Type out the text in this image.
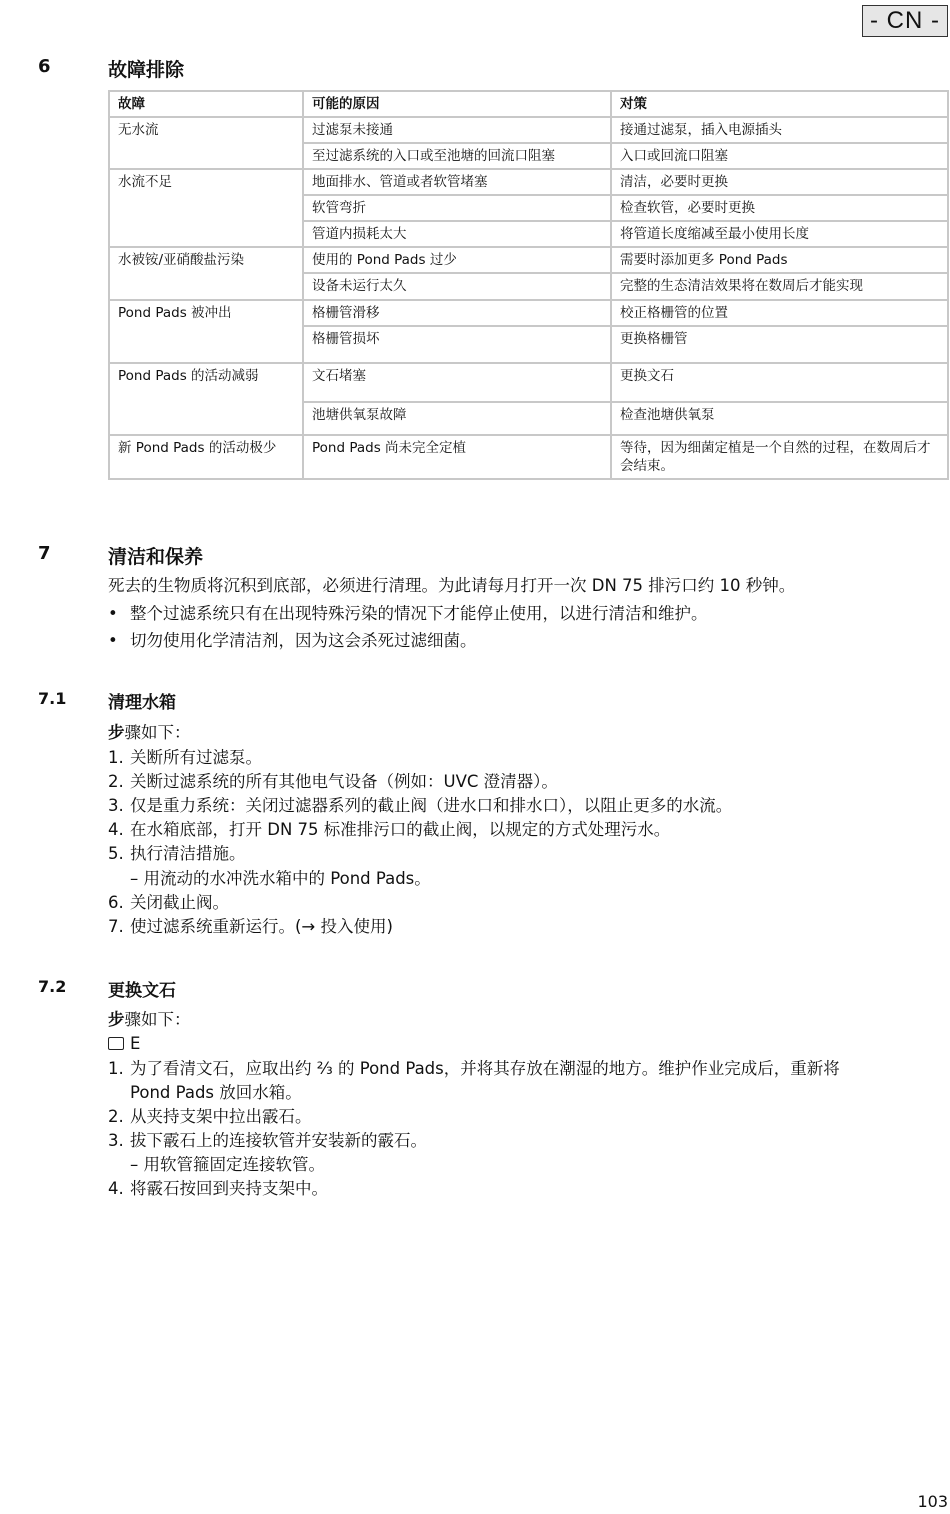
- CN -
6	故障排除
故障	可能的原因	对策
无水流	过滤泵未接通	接通过滤泵，插入电源插头
	至过滤系统的入口或至池塘的回流口阻塞	入口或回流口阻塞
水流不足	地面排水、管道或者软管堵塞	清洁，必要时更换
	软管弯折	检查软管，必要时更换
	管道内损耗太大	将管道长度缩减至最小使用长度
水被铵/亚硝酸盐污染	使用的 Pond Pads 过少	需要时添加更多 Pond Pads
	设备未运行太久	完整的生态清洁效果将在数周后才能实现
Pond Pads 被冲出	格栅管滑移	校正格栅管的位置
	格栅管损坏	更换格栅管
Pond Pads 的活动减弱	文石堵塞	更换文石
	池塘供氧泵故障	检查池塘供氧泵
新 Pond Pads 的活动极少	Pond Pads 尚未完全定植	等待，因为细菌定植是一个自然的过程，在数周后才会结束。
7	清洁和保养
死去的生物质将沉积到底部，必须进行清理。为此请每月打开一次 DN 75 排污口约 10 秒钟。
• 整个过滤系统只有在出现特殊污染的情况下才能停止使用，以进行清洁和维护。
• 切勿使用化学清洁剂，因为这会杀死过滤细菌。
7.1 清理水箱
步骤如下：
1. 关断所有过滤泵。
2. 关断过滤系统的所有其他电气设备（例如：UVC 澄清器）。
3. 仅是重力系统：关闭过滤器系列的截止阀（进水口和排水口），以阻止更多的水流。
4. 在水箱底部，打开 DN 75 标准排污口的截止阀，以规定的方式处理污水。
5. 执行清洁措施。
– 用流动的水冲洗水箱中的 Pond Pads。
6. 关闭截止阀。
7. 使过滤系统重新运行。(→ 投入使用)
7.2 更换文石
步骤如下：
E
1. 为了看清文石，应取出约 ⅔ 的 Pond Pads，并将其存放在潮湿的地方。维护作业完成后，重新将
Pond Pads 放回水箱。
2. 从夹持支架中拉出霰石。
3. 拔下霰石上的连接软管并安装新的霰石。
– 用软管箍固定连接软管。
4. 将霰石按回到夹持支架中。
103
